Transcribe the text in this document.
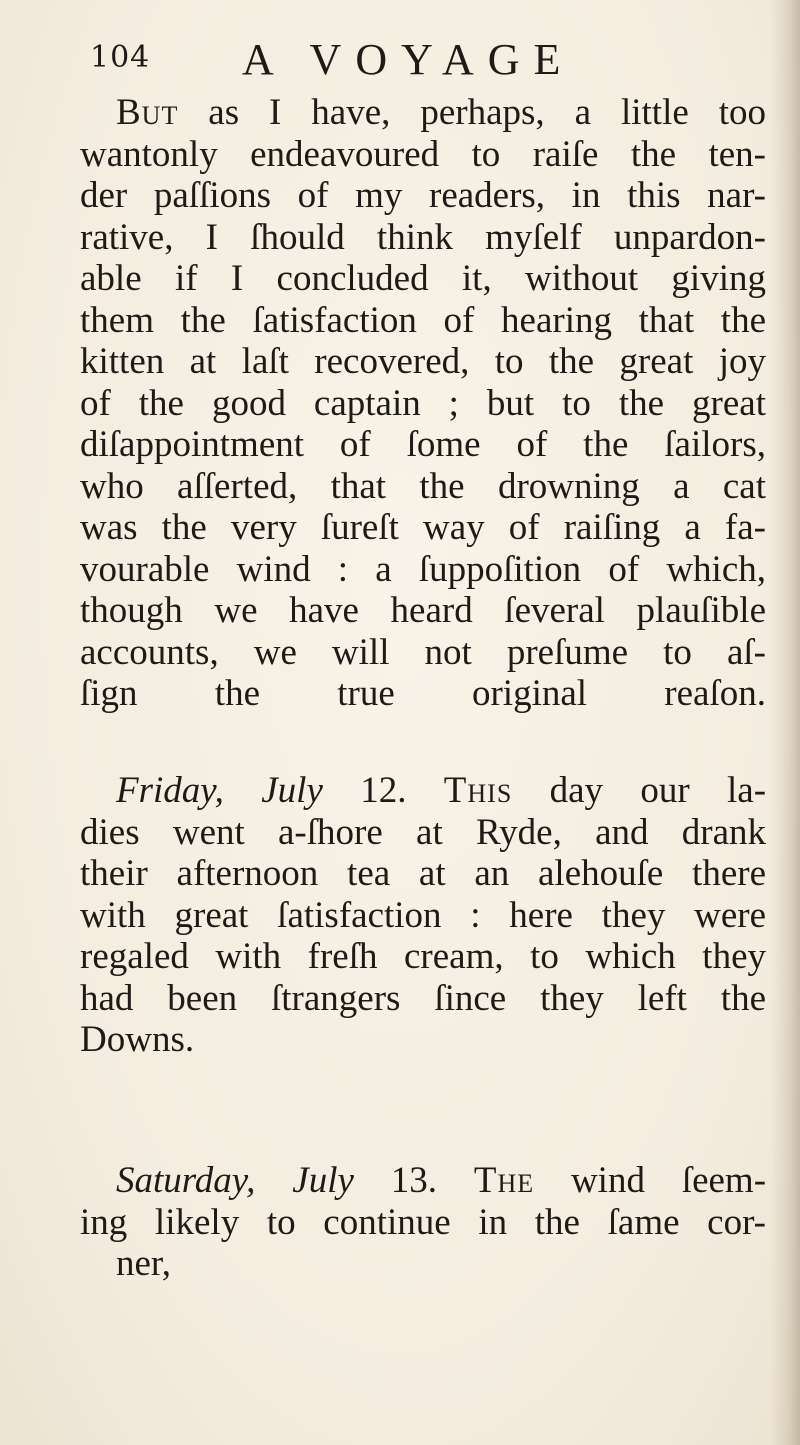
104 A VOYAGE
But as I have, perhaps, a little too
wantonly endeavoured to raiſe the ten-
der paſſions of my readers, in this nar-
rative, I ſhould think myſelf unpardon-
able if I concluded it, without giving
them the ſatisfaction of hearing that the
kitten at laſt recovered, to the great joy
of the good captain ; but to the great
diſappointment of ſome of the ſailors,
who aſſerted, that the drowning a cat
was the very ſureſt way of raiſing a fa-
vourable wind : a ſuppoſition of which,
though we have heard ſeveral plauſible
accounts, we will not preſume to aſ-
ſign the true original reaſon.
Friday, July 12. This day our la-
dies went a-ſhore at Ryde, and drank
their afternoon tea at an alehouſe there
with great ſatisfaction : here they were
regaled with freſh cream, to which they
had been ſtrangers ſince they left the
Downs.
Saturday, July 13. The wind ſeem-
ing likely to continue in the ſame cor-
ner,
